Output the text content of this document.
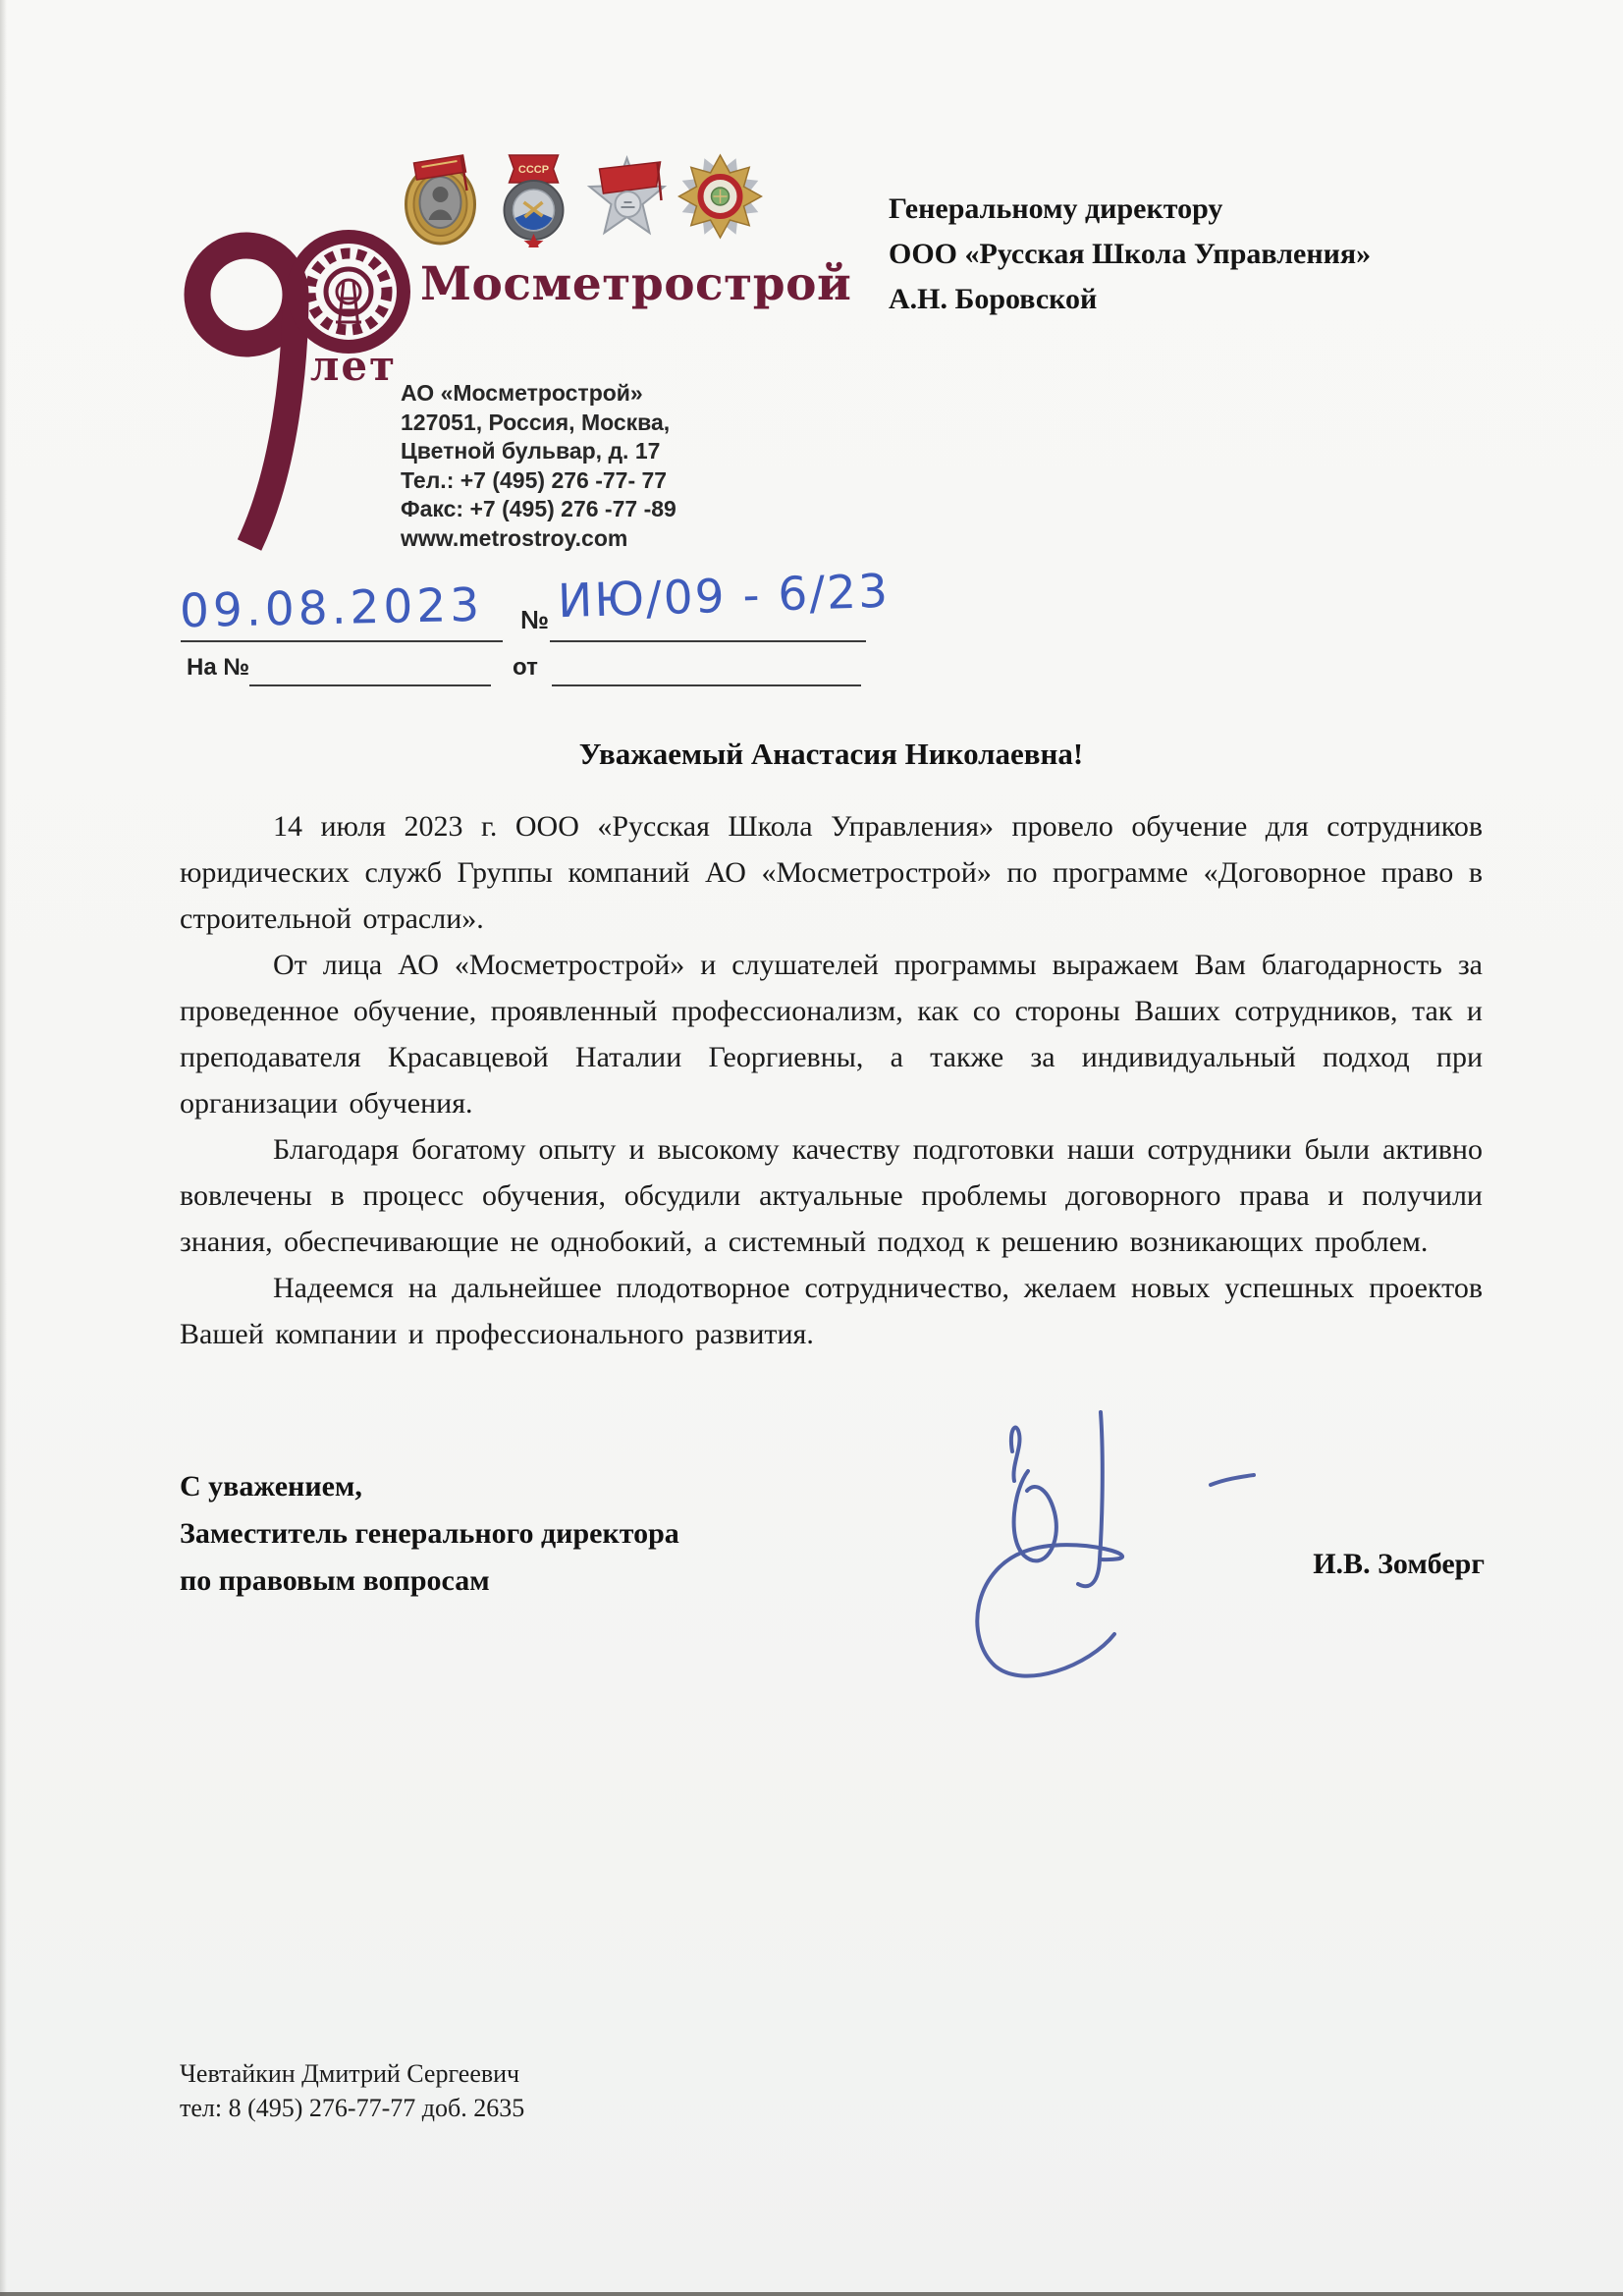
СССР
лет
Мосметрострой
АО «Мосметрострой»
127051, Россия, Москва,
Цветной бульвар, д. 17
Тел.: +7 (495) 276 -77- 77
Факс: +7 (495) 276 -77 -89
www.metrostroy.com
Генеральному директору
ООО «Русская Школа Управления»
А.Н. Боровской
09.08.2023 № ИЮ/09 - 6/23
На №	от
Уважаемый Анастасия Николаевна!

14 июля 2023 г. ООО «Русская Школа Управления» провело обучение для сотрудников юридических служб Группы компаний АО «Мосметрострой» по программе «Договорное право в строительной отрасли».

От лица АО «Мосметрострой» и слушателей программы выражаем Вам благодарность за проведенное обучение, проявленный профессионализм, как со стороны Ваших сотрудников, так и преподавателя Красавцевой Наталии Георгиевны, а также за индивидуальный подход при организации обучения.

Благодаря богатому опыту и высокому качеству подготовки наши сотрудники были активно вовлечены в процесс обучения, обсудили актуальные проблемы договорного права и получили знания, обеспечивающие не однобокий, а системный подход к решению возникающих проблем.

Надеемся на дальнейшее плодотворное сотрудничество, желаем новых успешных проектов Вашей компании и профессионального развития.

С уважением,
Заместитель генерального директора
по правовым вопросам
И.В. Зомберг
Чевтайкин Дмитрий Сергеевич
тел: 8 (495) 276-77-77 доб. 2635
